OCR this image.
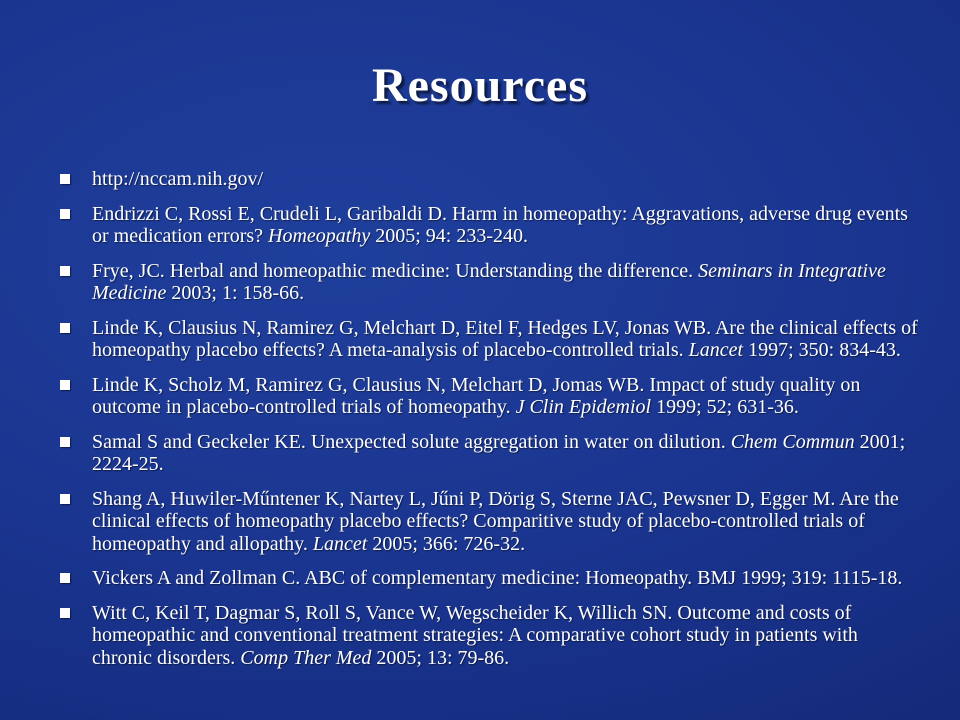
Resources
http://nccam.nih.gov/
Endrizzi C, Rossi E, Crudeli L, Garibaldi D. Harm in homeopathy: Aggravations, adverse drug events or medication errors? Homeopathy 2005; 94: 233-240.
Frye, JC. Herbal and homeopathic medicine: Understanding the difference. Seminars in Integrative Medicine 2003; 1: 158-66.
Linde K, Clausius N, Ramirez G, Melchart D, Eitel F, Hedges LV, Jonas WB. Are the clinical effects of homeopathy placebo effects? A meta-analysis of placebo-controlled trials. Lancet 1997; 350: 834-43.
Linde K, Scholz M, Ramirez G, Clausius N, Melchart D, Jomas WB. Impact of study quality on outcome in placebo-controlled trials of homeopathy. J Clin Epidemiol 1999; 52; 631-36.
Samal S and Geckeler KE. Unexpected solute aggregation in water on dilution. Chem Commun 2001; 2224-25.
Shang A, Huwiler-Műntener K, Nartey L, Jűni P, Dörig S, Sterne JAC, Pewsner D, Egger M. Are the clinical effects of homeopathy placebo effects? Comparitive study of placebo-controlled trials of homeopathy and allopathy. Lancet 2005; 366: 726-32.
Vickers A and Zollman C. ABC of complementary medicine: Homeopathy. BMJ 1999; 319: 1115-18.
Witt C, Keil T, Dagmar S, Roll S, Vance W, Wegscheider K, Willich SN. Outcome and costs of homeopathic and conventional treatment strategies: A comparative cohort study in patients with chronic disorders. Comp Ther Med 2005; 13: 79-86.
